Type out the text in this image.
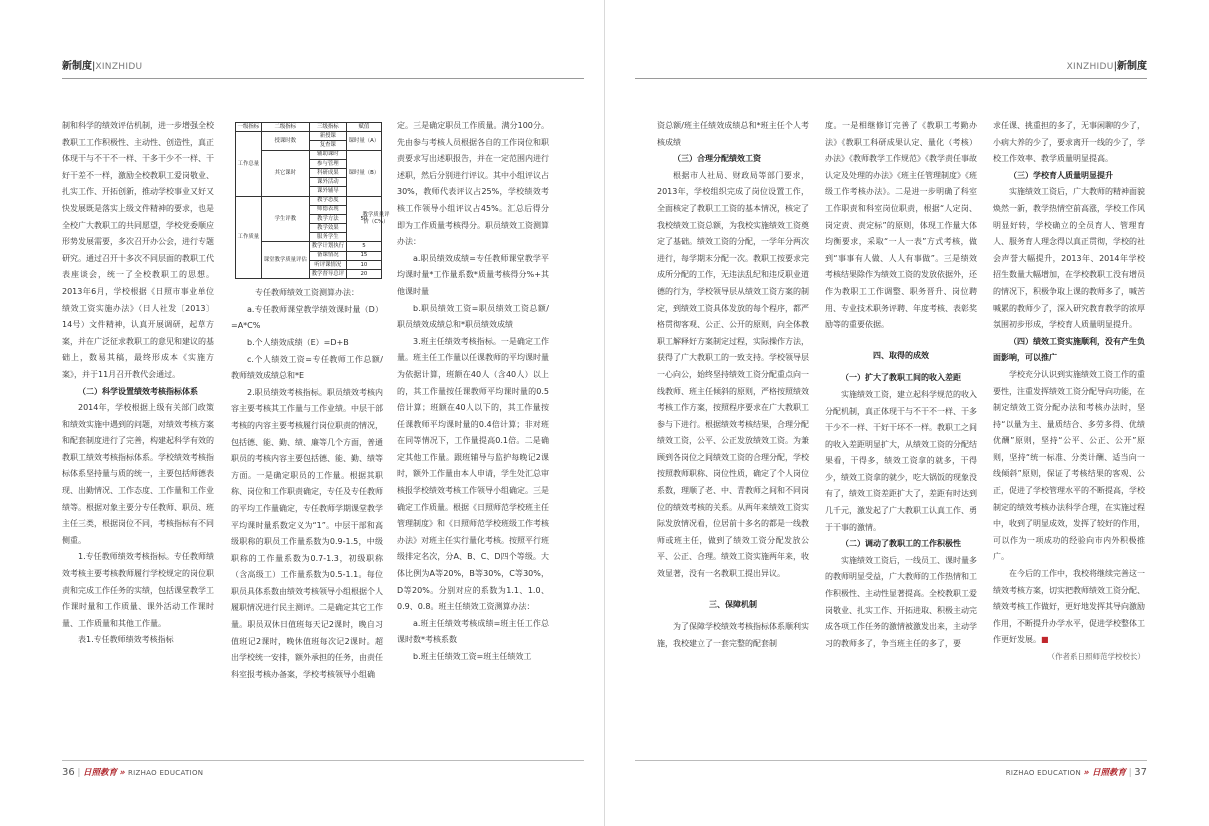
新制度|XINZHIDU

制和科学的绩效评估机制，进一步增强全校教职工工作积极性、主动性、创造性，真正体现干与不干不一样、干多干少不一样、干好干差不一样，激励全校教职工爱岗敬业、扎实工作、开拓创新，推动学校事业又好又快发展既是落实上级文件精神的要求，也是全校广大教职工的共同愿望，学校党委顺应形势发展需要，多次召开办公会，进行专题研究。通过召开十多次不同层面的教职工代表座谈会，统一了全校教职工的思想。2013年6月，学校根据《日照市事业单位绩效工资实施办法》（日人社发〔2013〕14号）文件精神，认真开展调研，起草方案，并在广泛征求教职工的意见和建议的基础上，数易其稿，最终形成本《实施方案》，并于11月召开教代会通过。

（二）科学设置绩效考核指标体系

2014年，学校根据上级有关部门政策和绩效实施中遇到的问题，对绩效考核方案和配套制度进行了完善，构建起科学有效的教职工绩效考核指标体系。学校绩效考核指标体系坚持量与质的统一，主要包括师德表现、出勤情况、工作态度、工作量和工作业绩等。根据对象主要分专任教师、职员、班主任三类，根据岗位不同，考核指标有不同侧重。

1.专任教师绩效考核指标。专任教师绩效考核主要考核教师履行学校规定的岗位职责和完成工作任务的实绩，包括课堂教学工作课时量和工作质量、课外活动工作课时量、工作质量和其他工作量。

表1.专任教师绩效考核指标

一级指标	二级指标	三级指标	赋值
工作总量	授课时数	新授课	课时量（A）
		复查课	
	其它课时	辅助课时	课时量（B）
		参与管理	
		科研成果	
		课外活动	
		课外辅导	
工作质量	学生评教	教学态度	50
		师德表现	
		教学方法	
		教学效果	
		服务学生	
	课堂教学质量评估	教学计划执行	5
		备课情况	15
		听评课情况	10
		教学督导总评	20
教学质量评价（C%）

专任教师绩效工资测算办法：

a.专任教师课堂教学绩效课时量（D）=A*C%

b.个人绩效成绩（E）=D+B

c.个人绩效工资=专任教师工作总额/教师绩效成绩总和*E

2.职员绩效考核指标。职员绩效考核内容主要考核其工作量与工作业绩。中层干部考核的内容主要考核履行岗位职责的情况，包括德、能、勤、绩、廉等几个方面，普通职员的考核内容主要包括德、能、勤、绩等方面。一是确定职员的工作量。根据其职称、岗位和工作职责确定，专任及专任教师的平均工作量确定，专任教师学期课堂教学平均课时量系数定义为“1”。中层干部和高级职称的职员工作量系数为0.9-1.5，中级职称的工作量系数为0.7-1.3，初级职称（含高级工）工作量系数为0.5-1.1。每位职员具体系数由绩效考核领导小组根据个人履职情况进行民主测评。二是确定其它工作量。职员双休日值班每天记2课时，晚自习值班记2课时，晚休值班每次记2课时。超出学校统一安排，额外承担的任务，由责任科室报考核办备案，学校考核领导小组确

定。三是确定职员工作质量。满分100分。先由参与考核人员根据各自的工作岗位和职责要求写出述职报告，并在一定范围内进行述职，然后分别进行评议。其中小组评议占30%，教师代表评议占25%，学校绩效考核工作领导小组评议占45%。汇总后得分即为工作质量考核得分。职员绩效工资测算办法：

a.职员绩效成绩=专任教师课堂教学平均课时量*工作量系数*质量考核得分%+其他课时量

b.职员绩效工资=职员绩效工资总额/职员绩效成绩总和*职员绩效成绩

3.班主任绩效考核指标。一是确定工作量。班主任工作量以任课教师的平均课时量为依据计算，班额在40人（含40人）以上的，其工作量按任课教师平均课时量的0.5倍计算；班额在40人以下的，其工作量按任课教师平均课时量的0.4倍计算；非对班在同等情况下，工作量提高0.1倍。二是确定其他工作量。跟班辅导与监护每晚记2课时，额外工作量由本人申请，学生处汇总审核报学校绩效考核工作领导小组确定。三是确定工作质量。根据《日照师范学校班主任管理制度》和《日照师范学校班级工作考核办法》对班主任实行量化考核。按照平行班级排定名次，分A、B、C、D四个等级。大体比例为A等20%，B等30%，C等30%，D等20%。分别对应的系数为1.1、1.0、0.9、0.8。班主任绩效工资测算办法：

a.班主任绩效考核成绩=班主任工作总课时数*考核系数

b.班主任绩效工资=班主任绩效工

36 | 日照教育 » RIZHAO EDUCATION
XINZHIDU|新制度

资总额/班主任绩效成绩总和*班主任个人考核成绩

（三）合理分配绩效工资

根据市人社局、财政局等部门要求，2013年，学校组织完成了岗位设置工作，全面核定了教职工工资的基本情况，核定了我校绩效工资总额，为我校实施绩效工资奠定了基础。绩效工资的分配，一学年分两次进行，每学期末分配一次。教职工按要求完成所分配的工作，无违法乱纪和违反职业道德的行为，学校领导层从绩效工资方案的制定，到绩效工资具体发放的每个程序，都严格贯彻客观、公正、公开的原则，向全体教职工解释好方案制定过程，实际操作方法，获得了广大教职工的一致支持。学校领导层一心向公，始终坚持绩效工资分配重点向一线教师、班主任倾斜的原则，严格按照绩效考核工作方案，按照程序要求在广大教职工参与下进行。根据绩效考核结果，合理分配绩效工资，公平、公正发放绩效工资。为兼顾到各岗位之间绩效工资的合理分配，学校按照教师职称、岗位性质，确定了个人岗位系数，理顺了老、中、青教师之间和不同岗位的绩效考核的关系。从两年来绩效工资实际发放情况看，位居前十多名的都是一线教师或班主任，做到了绩效工资分配发放公平、公正、合理。绩效工资实施两年来，收效显著，没有一名教职工提出异议。

三、保障机制

为了保障学校绩效考核指标体系顺利实施，我校建立了一套完整的配套制

度。一是相继修订完善了《教职工考勤办法》《教职工科研成果认定、量化（考核）办法》《教师教学工作规范》《教学责任事故认定及处理的办法》《班主任管理制度》《班级工作考核办法》。二是进一步明确了科室工作职责和科室岗位职责，根据“人定岗、岗定责、责定标”的原则，体现工作量大体均衡要求，采取“一人一表”方式考核，做到“事事有人做、人人有事做”。三是绩效考核结果除作为绩效工资的发放依据外，还作为教职工工作调整、职务晋升、岗位聘用、专业技术职务评聘、年度考核、表彰奖励等的重要依据。

四、取得的成效

（一）扩大了教职工间的收入差距

实施绩效工资，建立起科学规范的收入分配机制，真正体现干与不干不一样、干多干少不一样、干好干坏不一样。教职工之间的收入差距明显扩大，从绩效工资的分配结果看，干得多，绩效工资拿的就多，干得少，绩效工资拿的就少，吃大锅饭的现象没有了，绩效工资差距扩大了，差距有时达到几千元，激发起了广大教职工认真工作、勇于干事的激情。

（二）调动了教职工的工作积极性

实施绩效工资后，一线员工、课时量多的教师明显受益，广大教师的工作热情和工作积极性、主动性显著提高。全校教职工爱岗敬业、扎实工作、开拓进取、积极主动完成各项工作任务的激情被激发出来，主动学习的教师多了，争当班主任的多了，要

求任课、挑重担的多了，无事闲聊的少了，小病大养的少了，要求离开一线的少了，学校工作效率、教学质量明显提高。

（三）学校育人质量明显提升

实施绩效工资后，广大教师的精神面貌焕然一新，教学热情空前高涨，学校工作风明显好转，学校确立的全员育人、管理育人、服务育人理念得以真正贯彻，学校的社会声誉大幅提升，2013年、2014年学校招生数量大幅增加，在学校教职工没有增员的情况下，积极争取上课的教师多了，喊苦喊累的教师少了，深入研究教育教学的浓厚氛围初步形成，学校育人质量明显提升。

（四）绩效工资实施顺利，没有产生负面影响，可以推广

学校充分认识到实施绩效工资工作的重要性，注重发挥绩效工资分配导向功能，在制定绩效工资分配办法和考核办法时，坚持“以量为主、量质结合、多劳多得、优绩优酬”原则，坚持“公平、公正、公开”原则，坚持“统一标准、分类计酬、适当向一线倾斜”原则，保证了考核结果的客观、公正，促进了学校管理水平的不断提高，学校制定的绩效考核办法科学合理，在实施过程中，收到了明显成效，发挥了较好的作用，可以作为一项成功的经验向市内外积极推广。

在今后的工作中，我校将继续完善这一绩效考核方案，切实把教师绩效工资分配、绩效考核工作做好，更好地发挥其导向激励作用，不断提升办学水平，促进学校整体工作更好发展。■

（作者系日照师范学校校长）

RIZHAO EDUCATION » 日照教育 | 37
